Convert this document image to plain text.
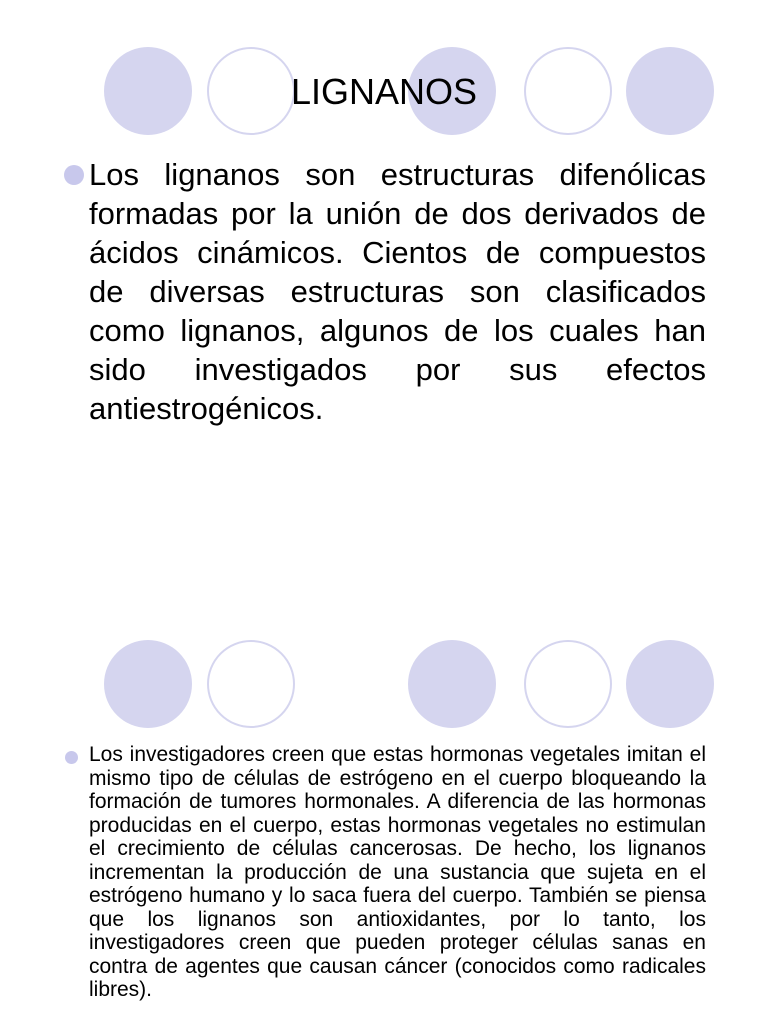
LIGNANOS
Los lignanos son estructuras difenólicas formadas por la unión de dos derivados de ácidos cinámicos. Cientos de compuestos de diversas estructuras son clasificados como lignanos, algunos de los cuales han sido investigados por sus efectos antiestrogénicos.
Los investigadores creen que estas hormonas vegetales imitan el mismo tipo de células de estrógeno en el cuerpo bloqueando la formación de tumores hormonales. A diferencia de las hormonas producidas en el cuerpo, estas hormonas vegetales no estimulan el crecimiento de células cancerosas. De hecho, los lignanos incrementan la producción de una sustancia que sujeta en el estrógeno humano y lo saca fuera del cuerpo. También se piensa que los lignanos son antioxidantes, por lo tanto, los investigadores creen que pueden proteger células sanas en contra de agentes que causan cáncer (conocidos como radicales libres).
